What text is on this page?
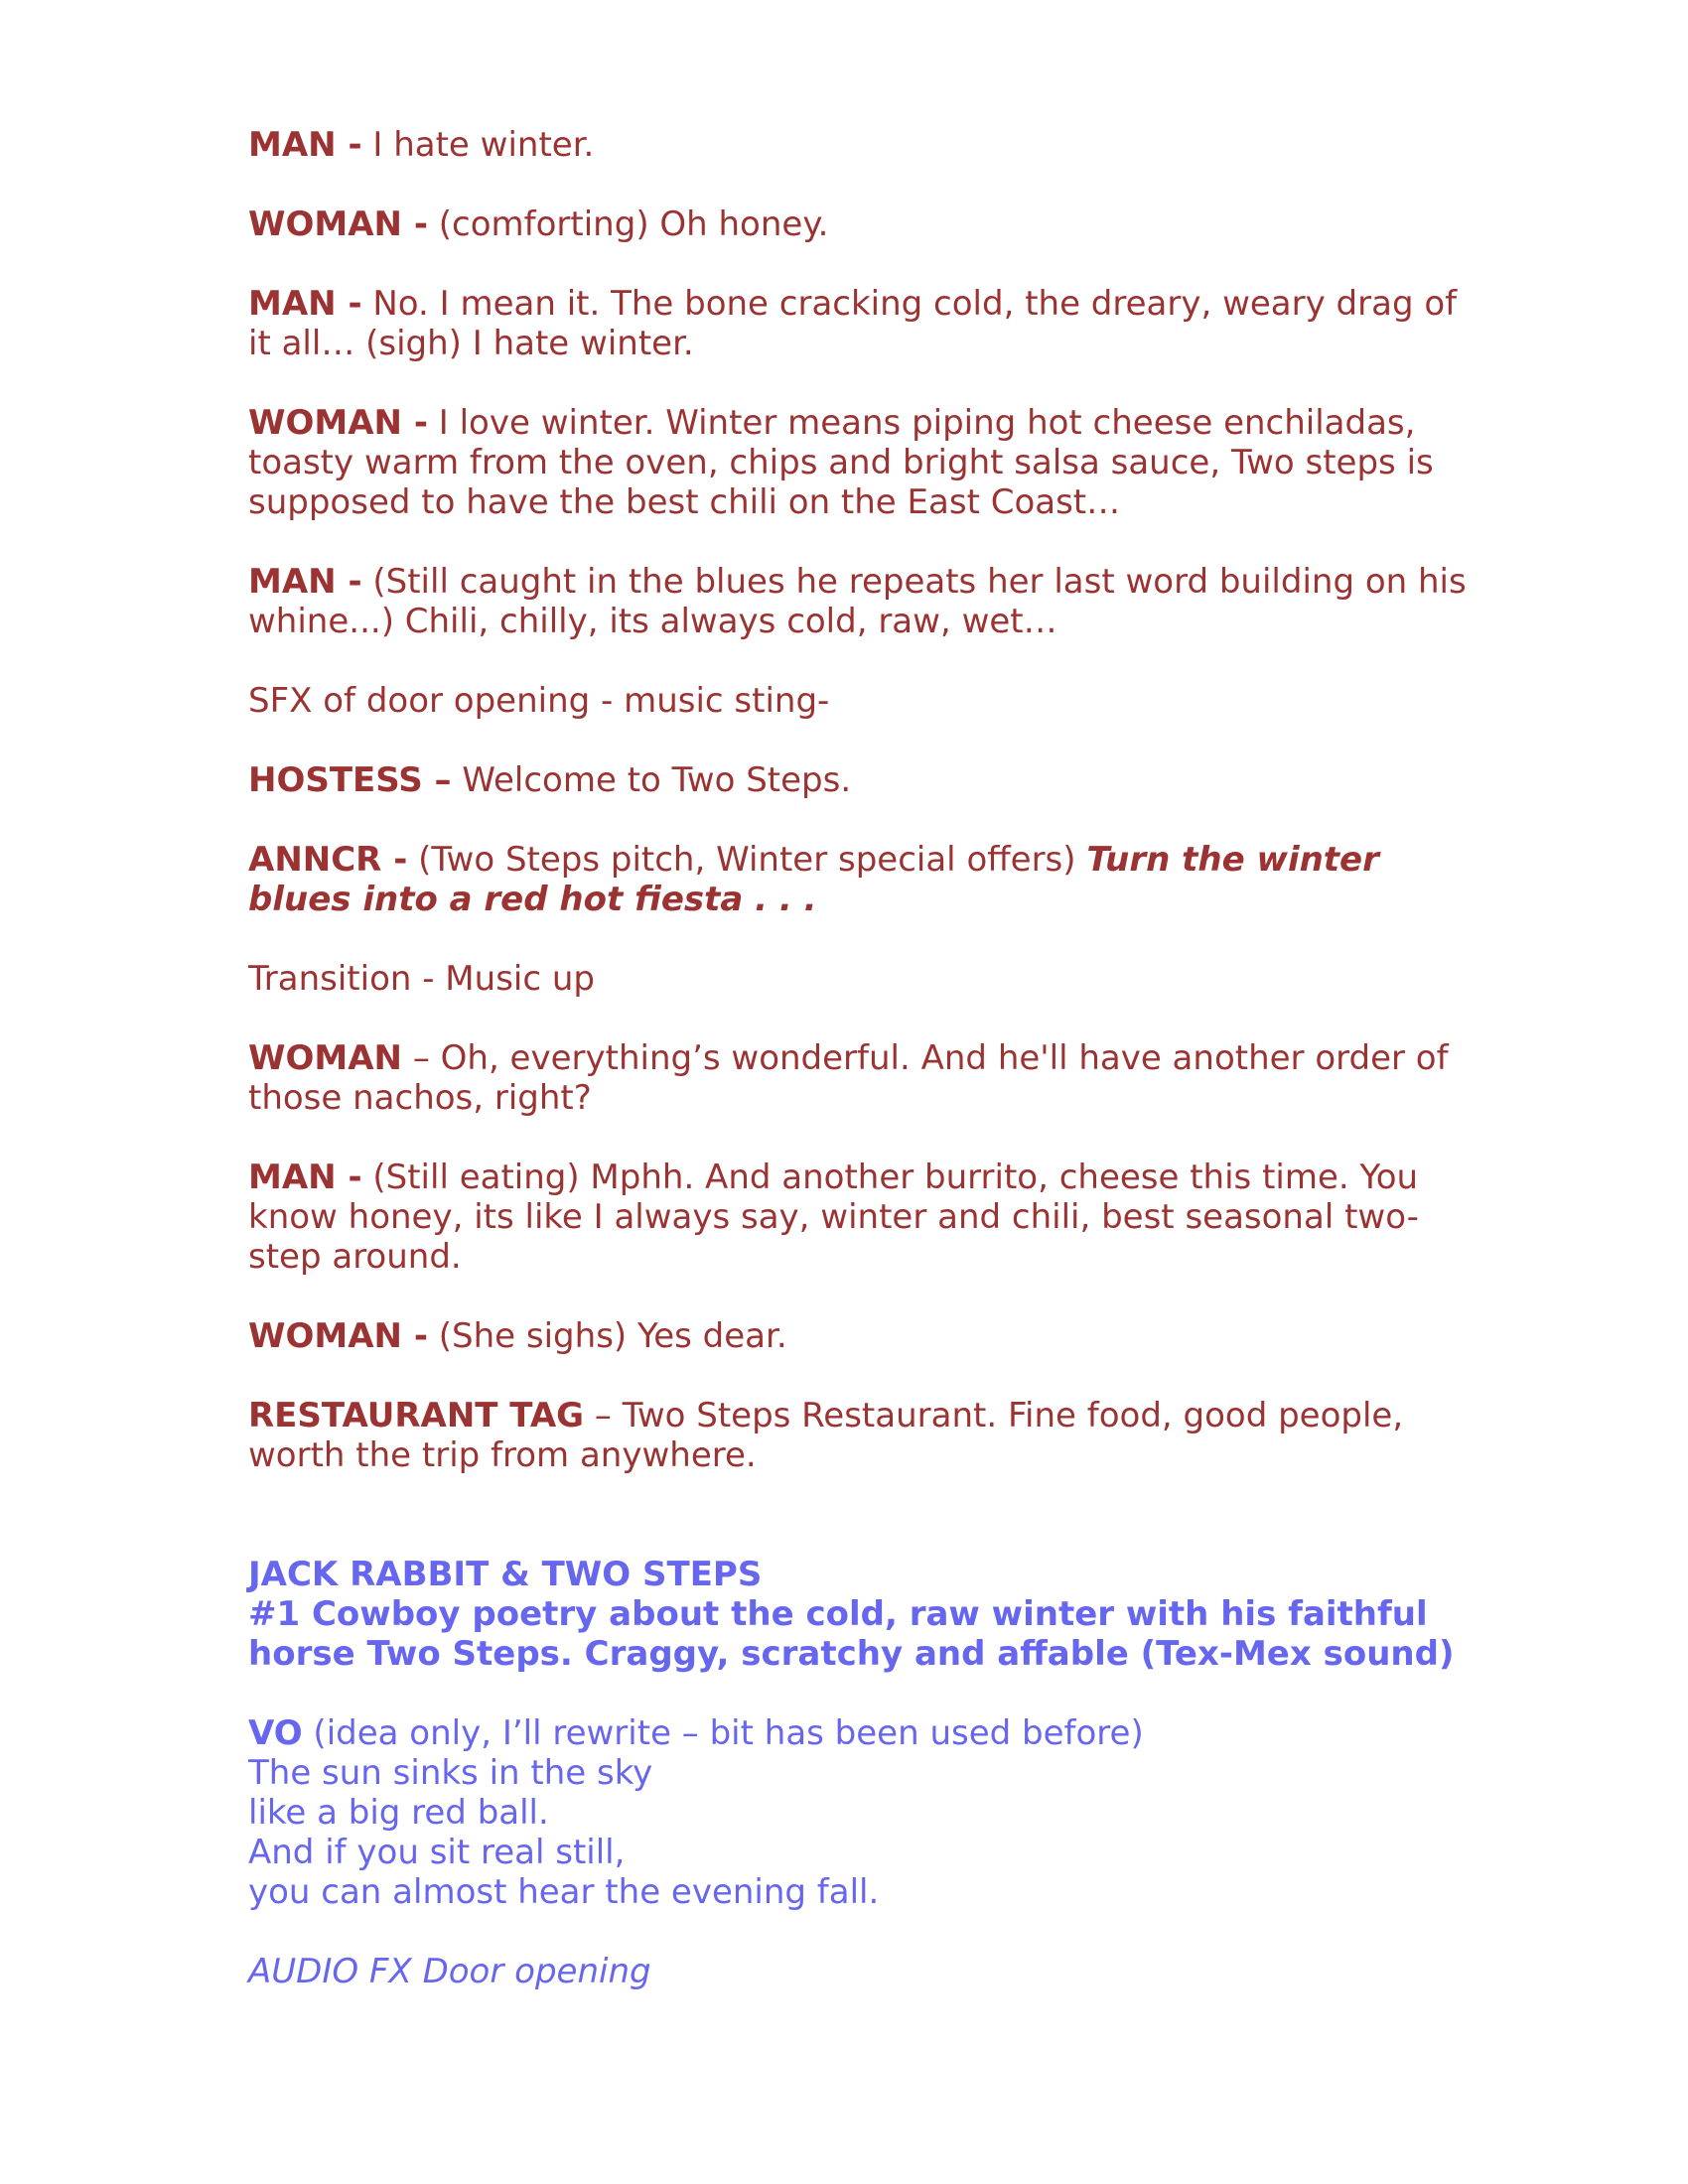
MAN - I hate winter.
WOMAN - (comforting) Oh honey.
MAN - No. I mean it. The bone cracking cold, the dreary, weary drag of it all… (sigh) I hate winter.
WOMAN - I love winter. Winter means piping hot cheese enchiladas, toasty warm from the oven, chips and bright salsa sauce, Two steps is supposed to have the best chili on the East Coast…
MAN - (Still caught in the blues he repeats her last word building on his whine...) Chili, chilly, its always cold, raw, wet…
SFX of door opening - music sting-
HOSTESS – Welcome to Two Steps.
ANNCR - (Two Steps pitch, Winter special offers) Turn the winter blues into a red hot fiesta . . .
Transition - Music up
WOMAN – Oh, everything’s wonderful. And he'll have another order of those nachos, right?
MAN - (Still eating) Mphh. And another burrito, cheese this time. You know honey, its like I always say, winter and chili, best seasonal two-step around.
WOMAN - (She sighs) Yes dear.
RESTAURANT TAG – Two Steps Restaurant. Fine food, good people, worth the trip from anywhere.
JACK RABBIT & TWO STEPS
#1 Cowboy poetry about the cold, raw winter with his faithful horse Two Steps. Craggy, scratchy and affable (Tex-Mex sound)
VO (idea only, I’ll rewrite – bit has been used before)
The sun sinks in the sky
like a big red ball.
And if you sit real still,
you can almost hear the evening fall.
AUDIO FX Door opening
